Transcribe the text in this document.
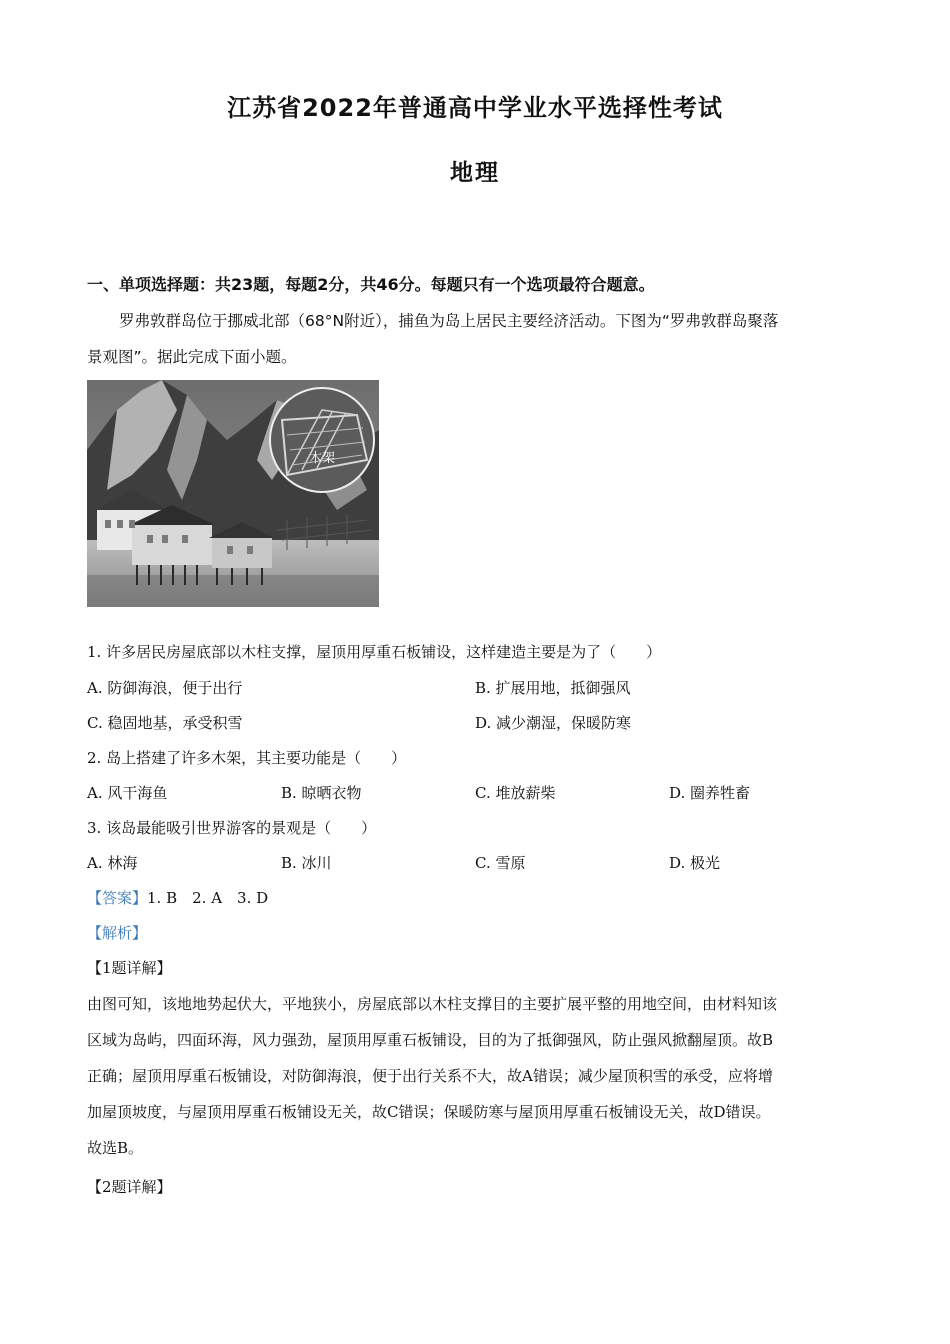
江苏省2022年普通高中学业水平选择性考试
地理
一、单项选择题：共23题，每题2分，共46分。每题只有一个选项最符合题意。
罗弗敦群岛位于挪威北部（68°N附近），捕鱼为岛上居民主要经济活动。下图为“罗弗敦群岛聚落
景观图”。据此完成下面小题。
木架
1. 许多居民房屋底部以木柱支撑，屋顶用厚重石板铺设，这样建造主要是为了（　　）
A. 防御海浪，便于出行	B. 扩展用地，抵御强风
C. 稳固地基，承受积雪	D. 减少潮湿，保暖防寒
2. 岛上搭建了许多木架，其主要功能是（　　）
A. 风干海鱼	B. 晾晒衣物	C. 堆放薪柴	D. 圈养牲畜
3. 该岛最能吸引世界游客的景观是（　　）
A. 林海	B. 冰川	C. 雪原	D. 极光
【答案】1. B　2. A　3. D
【解析】
【1题详解】
由图可知，该地地势起伏大，平地狭小，房屋底部以木柱支撑目的主要扩展平整的用地空间，由材料知该
区域为岛屿，四面环海，风力强劲，屋顶用厚重石板铺设，目的为了抵御强风，防止强风掀翻屋顶。故B
正确；屋顶用厚重石板铺设，对防御海浪，便于出行关系不大，故A错误；减少屋顶积雪的承受，应将增
加屋顶坡度，与屋顶用厚重石板铺设无关，故C错误；保暖防寒与屋顶用厚重石板铺设无关，故D错误。
故选B。
【2题详解】
